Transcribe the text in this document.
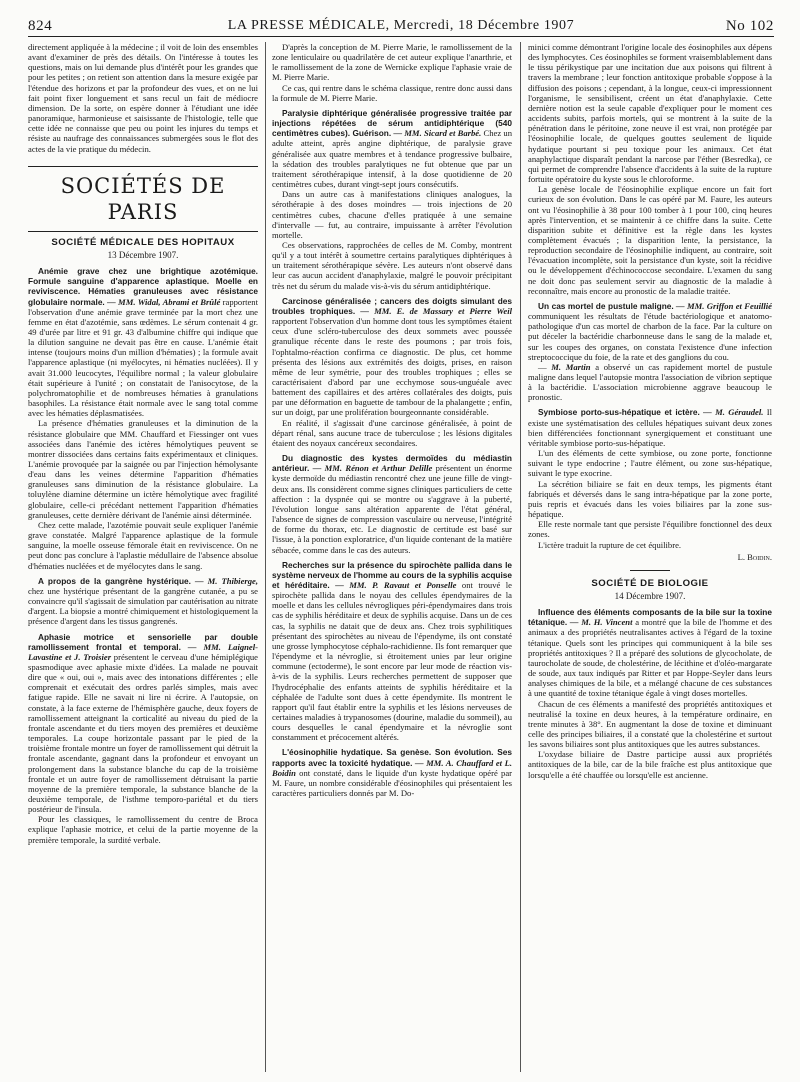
824	LA PRESSE MÉDICALE, Mercredi, 18 Décembre 1907	No 102

directement appliquée à la médecine ; il voit de loin des ensembles avant d'examiner de près des détails. On l'intéresse à toutes les questions, mais on lui demande plus d'intérêt pour les grandes que pour les petites ; on retient son attention dans la mesure exigée par l'étendue des horizons et par la profondeur des vues, et on ne lui fait point fixer longuement et sans recul un fait de médiocre dimension. De la sorte, on espère donner à l'étudiant une idée panoramique, harmonieuse et saisissante de l'histologie, telle que cette idée ne connaisse que peu ou point les injures du temps et résiste au naufrage des connaissances submergées sous le flot des actes de la vie pratique du médecin.

SOCIÉTÉS DE PARIS
SOCIÉTÉ MÉDICALE DES HOPITAUX
13 Décembre 1907.

Anémie grave chez une brightique azotémique. Formule sanguine d'apparence aplastique. Moelle en reviviscence. Hématies granuleuses avec résistance globulaire normale. — MM. Widal, Abrami et Brûlé rapportent l'observation d'une anémie grave terminée par la mort chez une femme en état d'azotémie, sans œdèmes. Le sérum contenait 4 gr. 49 d'urée par litre et 91 gr. 43 d'albumine chiffre qui indique que la dilution sanguine ne devait pas être en cause. L'anémie était intense (toujours moins d'un million d'hématies) ; la formule avait l'apparence aplastique (ni myélocytes, ni hématies nucléées). Il y avait 31.000 leucocytes, l'équilibre normal ; la valeur globulaire était supérieure à l'unité ; on constatait de l'anisocytose, de la polychromatophilie et de nombreuses hématies à granulations basophiles. La résistance était normale avec le sang total comme avec les hématies déplasmatisées.

La présence d'hématies granuleuses et la diminution de la résistance globulaire que MM. Chauffard et Fiessinger ont vues associées dans l'anémie des ictères hémolytiques peuvent se montrer dissociées dans certains faits expérimentaux et cliniques. L'anémie provoquée par la saignée ou par l'injection hémolysante d'eau dans les veines détermine l'apparition d'hématies granuleuses sans diminution de la résistance globulaire. La toluylène diamine détermine un ictère hémolytique avec fragilité globulaire, celle-ci précédant nettement l'apparition d'hématies granuleuses, cette dernière dérivant de l'anémie ainsi déterminée.

Chez cette malade, l'azotémie pouvait seule expliquer l'anémie grave constatée. Malgré l'apparence aplastique de la formule sanguine, la moelle osseuse fémorale était en reviviscence. On ne peut donc pas conclure à l'aplastie médullaire de l'absence absolue d'hématies nucléées et de myélocytes dans le sang.

A propos de la gangrène hystérique. — M. Thibierge, chez une hystérique présentant de la gangrène cutanée, a pu se convaincre qu'il s'agissait de simulation par cautérisation au nitrate d'argent. La biopsie a montré chimiquement et histologiquement la présence d'argent dans les tissus gangrenés.

Aphasie motrice et sensorielle par double ramollissement frontal et temporal. — MM. Laignel-Lavastine et J. Troisier présentent le cerveau d'une hémiplégique spasmodique avec aphasie mixte d'idées. La malade ne pouvait dire que « oui, oui », mais avec des intonations différentes ; elle comprenait et exécutait des ordres parlés simples, mais avec fatigue rapide. Elle ne savait ni lire ni écrire. A l'autopsie, on constate, à la face externe de l'hémisphère gauche, deux foyers de ramollissement atteignant la corticalité au niveau du pied de la frontale ascendante et du tiers moyen des premières et deuxième temporales. La coupe horizontale passant par le pied de la troisième frontale montre un foyer de ramollissement qui détruit la frontale ascendante, gagnant dans la profondeur et envoyant un prolongement dans la substance blanche du cap de la troisième frontale et un autre foyer de ramollissement détruisant la partie moyenne de la première temporale, la substance blanche de la deuxième temporale, de l'isthme temporo-pariétal et du tiers postérieur de l'insula.

Pour les classiques, le ramollissement du centre de Broca explique l'aphasie motrice, et celui de la partie moyenne de la première temporale, la surdité verbale.

D'après la conception de M. Pierre Marie, le ramollissement de la zone lenticulaire ou quadrilatère de cet auteur explique l'anarthrie, et le ramollissement de la zone de Wernicke explique l'aphasie vraie de M. Pierre Marie.

Ce cas, qui rentre dans le schéma classique, rentre donc aussi dans la formule de M. Pierre Marie.

Paralysie diphtérique généralisée progressive traitée par injections répétées de sérum antidiphtérique (540 centimètres cubes). Guérison. — MM. Sicard et Barbé. Chez un adulte atteint, après angine diphtérique, de paralysie grave généralisée aux quatre membres et à tendance progressive bulbaire, la sédation des troubles paralytiques ne fut obtenue que par un traitement sérothérapique intensif, à la dose quotidienne de 20 centimètres cubes, durant vingt-sept jours consécutifs.

Dans un autre cas à manifestations cliniques analogues, la sérothérapie à des doses moindres — trois injections de 20 centimètres cubes, chacune d'elles pratiquée à une semaine d'intervalle — fut, au contraire, impuissante à arrêter l'évolution mortelle.

Ces observations, rapprochées de celles de M. Comby, montrent qu'il y a tout intérêt à soumettre certains paralytiques diphtériques à un traitement sérothérapique sévère. Les auteurs n'ont observé dans leur cas aucun accident d'anaphylaxie, malgré le pouvoir précipitant très net du sérum du malade vis-à-vis du sérum antidiphtérique.

Carcinose généralisée ; cancers des doigts simulant des troubles trophiques. — MM. E. de Massary et Pierre Weil rapportent l'observation d'un homme dont tous les symptômes étaient ceux d'une scléro-tuberculose des deux sommets avec poussée granulique récente dans le reste des poumons ; par trois fois, l'ophtalmo-réaction confirma ce diagnostic. De plus, cet homme présenta des lésions aux extrémités des doigts, prises, en raison même de leur symétrie, pour des troubles trophiques ; elles se caractérisaient d'abord par une ecchymose sous-unguéale avec battement des capillaires et des artères collatérales des doigts, puis par une déformation en baguette de tambour de la phalangette ; enfin, sur un doigt, par une prolifération bourgeonnante considérable.

En réalité, il s'agissait d'une carcinose généralisée, à point de départ rénal, sans aucune trace de tuberculose ; les lésions digitales étaient des noyaux cancéreux secondaires.

Du diagnostic des kystes dermoïdes du médiastin antérieur. — MM. Rénon et Arthur Delille présentent un énorme kyste dermoïde du médiastin rencontré chez une jeune fille de vingt-deux ans. Ils considèrent comme signes cliniques particuliers de cette affection : la dyspnée qui se montre ou s'aggrave à la puberté, l'évolution longue sans altération apparente de l'état général, l'absence de signes de compression vasculaire ou nerveuse, l'intégrité de forme du thorax, etc. Le diagnostic de certitude est basé sur l'issue, à la ponction exploratrice, d'un liquide contenant de la matière sébacée, comme dans le cas des auteurs.

Recherches sur la présence du spirochète pallida dans le système nerveux de l'homme au cours de la syphilis acquise et héréditaire. — MM. P. Ravaut et Ponselle ont trouvé le spirochète pallida dans le noyau des cellules épendymaires de la moelle et dans les cellules névrogliques péri-épendymaires dans trois cas de syphilis héréditaire et deux de syphilis acquise. Dans un de ces cas, la syphilis ne datait que de deux ans. Chez trois syphilitiques présentant des spirochètes au niveau de l'épendyme, ils ont constaté une grosse lymphocytose céphalo-rachidienne. Ils font remarquer que l'épendyme et la névroglie, si étroitement unies par leur origine commune (ectoderme), le sont encore par leur mode de réaction vis-à-vis de la syphilis. Leurs recherches permettent de supposer que l'hydrocéphalie des enfants atteints de syphilis héréditaire et la céphalée de l'adulte sont dues à cette épendymite. Ils montrent le rapport qu'il faut établir entre la syphilis et les lésions nerveuses de certaines maladies à trypanosomes (dourine, maladie du sommeil), au cours desquelles le canal épendymaire et la névroglie sont constamment et précocement altérés.

L'éosinophilie hydatique. Sa genèse. Son évolution. Ses rapports avec la toxicité hydatique. — MM. A. Chauffard et L. Boidin ont constaté, dans le liquide d'un kyste hydatique opéré par M. Faure, un nombre considérable d'éosinophiles qui présentaient les caractères particuliers donnés par M. Do-

minici comme démontrant l'origine locale des éosinophiles aux dépens des lymphocytes. Ces éosinophiles se forment vraisemblablement dans le tissu périkystique par une incitation due aux poisons qui filtrent à travers la membrane ; leur fonction antitoxique probable s'oppose à la diffusion des poisons ; cependant, à la longue, ceux-ci impressionnent l'organisme, le sensibilisent, créent un état d'anaphylaxie. Cette dernière notion est la seule capable d'expliquer pour le moment ces accidents subits, parfois mortels, qui se montrent à la suite de la pénétration dans le péritoine, zone neuve il est vrai, non protégée par l'éosinophilie locale, de quelques gouttes seulement de liquide hydatique pourtant si peu toxique pour les animaux. Cet état anaphylactique disparaît pendant la narcose par l'éther (Besredka), ce qui permet de comprendre l'absence d'accidents à la suite de la rupture fortuite opératoire du kyste sous le chloroforme.

La genèse locale de l'éosinophilie explique encore un fait fort curieux de son évolution. Dans le cas opéré par M. Faure, les auteurs ont vu l'éosinophilie à 38 pour 100 tomber à 1 pour 100, cinq heures après l'intervention, et se maintenir à ce chiffre dans la suite. Cette disparition subite et définitive est la règle dans les kystes complètement évacués ; la disparition lente, la persistance, la reproduction secondaire de l'éosinophilie indiquent, au contraire, soit l'évacuation incomplète, soit la persistance d'un kyste, soit la récidive ou le développement d'échinococcose secondaire. L'examen du sang ne doit donc pas seulement servir au diagnostic de la maladie à reconnaître, mais encore au pronostic de la maladie traitée.

Un cas mortel de pustule maligne. — MM. Griffon et Feuillié communiquent les résultats de l'étude bactériologique et anatomo-pathologique d'un cas mortel de charbon de la face. Par la culture on put déceler la bactéridie charbonneuse dans le sang de la malade et, sur les coupes des organes, on constata l'existence d'une infection streptococcique du foie, de la rate et des ganglions du cou.

— M. Martin a observé un cas rapidement mortel de pustule maligne dans lequel l'autopsie montra l'association de vibrion septique à la bactéridie. L'association microbienne aggrave beaucoup le pronostic.

Symbiose porto-sus-hépatique et ictère. — M. Géraudel. Il existe une systématisation des cellules hépatiques suivant deux zones bien différenciées fonctionnant synergiquement et constituant une véritable symbiose porto-sus-hépatique.

L'un des éléments de cette symbiose, ou zone porte, fonctionne suivant le type endocrine ; l'autre élément, ou zone sus-hépatique, suivant le type exocrine.

La sécrétion biliaire se fait en deux temps, les pigments étant fabriqués et déversés dans le sang intra-hépatique par la zone porte, puis repris et évacués dans les voies biliaires par la zone sus-hépatique.

Elle reste normale tant que persiste l'équilibre fonctionnel des deux zones.

L'ictère traduit la rupture de cet équilibre.

L. Boidin.
SOCIÉTÉ DE BIOLOGIE
14 Décembre 1907.

Influence des éléments composants de la bile sur la toxine tétanique. — M. H. Vincent a montré que la bile de l'homme et des animaux a des propriétés neutralisantes actives à l'égard de la toxine tétanique. Quels sont les principes qui communiquent à la bile ses propriétés antitoxiques ? Il a préparé des solutions de glycocholate, de taurocholate de soude, de cholestérine, de lécithine et d'oléo-margarate de soude, aux taux indiqués par Ritter et par Hoppe-Seyler dans leurs analyses chimiques de la bile, et a mélangé chacune de ces substances à une quantité de toxine tétanique égale à vingt doses mortelles.

Chacun de ces éléments a manifesté des propriétés antitoxiques et neutralisé la toxine en deux heures, à la température ordinaire, en trente minutes à 38°. En augmentant la dose de toxine et diminuant celle des principes biliaires, il a constaté que la cholestérine et surtout les savons biliaires sont plus antitoxiques que les autres substances.

L'oxydase biliaire de Dastre participe aussi aux propriétés antitoxiques de la bile, car de la bile fraîche est plus antitoxique que lorsqu'elle a été chauffée ou lorsqu'elle est ancienne.
